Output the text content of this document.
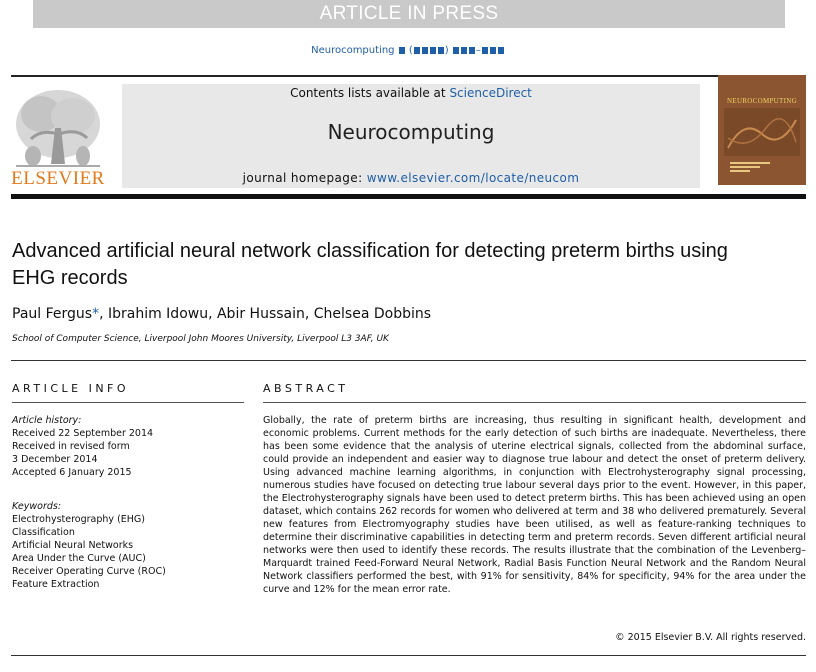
ARTICLE IN PRESS
Neurocomputing  (	) –
ELSEVIER
Contents lists available at ScienceDirect
Neurocomputing
journal homepage: www.elsevier.com/locate/neucom
NEUROCOMPUTING
Advanced artificial neural network classification for detecting preterm births using EHG records
Paul Fergus*, Ibrahim Idowu, Abir Hussain, Chelsea Dobbins
School of Computer Science, Liverpool John Moores University, Liverpool L3 3AF, UK
ARTICLE INFO	ABSTRACT
Article history:
Received 22 September 2014
Received in revised form
3 December 2014
Accepted 6 January 2015
Keywords:
Electrohysterography (EHG)
Classification
Artificial Neural Networks
Area Under the Curve (AUC)
Receiver Operating Curve (ROC)
Feature Extraction
Globally, the rate of preterm births are increasing, thus resulting in significant health, development and economic problems. Current methods for the early detection of such births are inadequate. Nevertheless, there has been some evidence that the analysis of uterine electrical signals, collected from the abdominal surface, could provide an independent and easier way to diagnose true labour and detect the onset of preterm delivery. Using advanced machine learning algorithms, in conjunction with Electrohysterography signal processing, numerous studies have focused on detecting true labour several days prior to the event. However, in this paper, the Electrohysterography signals have been used to detect preterm births. This has been achieved using an open dataset, which contains 262 records for women who delivered at term and 38 who delivered prematurely. Several new features from Electromyography studies have been utilised, as well as feature-ranking techniques to determine their discriminative capabilities in detecting term and preterm records. Seven different artificial neural networks were then used to identify these records. The results illustrate that the combination of the Levenberg–Marquardt trained Feed-Forward Neural Network, Radial Basis Function Neural Network and the Random Neural Network classifiers performed the best, with 91% for sensitivity, 84% for specificity, 94% for the area under the curve and 12% for the mean error rate.
© 2015 Elsevier B.V. All rights reserved.
